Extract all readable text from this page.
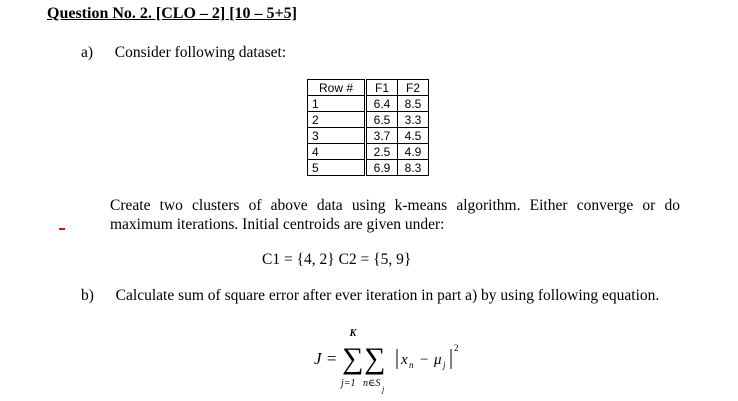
Question No. 2. [CLO – 2] [10 – 5+5]
a) Consider following dataset:
Row #		F1	F2
1		6.4	8.5
2		6.5	3.3
3		3.7	4.5
4		2.5	4.9
5		6.9	8.3
Create two clusters of above data using k-means algorithm. Either converge or do maximum iterations. Initial centroids are given under:
C1 = {4, 2} C2 = {5, 9}
b) Calculate sum of square error after ever iteration in part a) by using following equation.
J =
K
∑ ∑
j=1 n∈S
j
x n − μ j
2
